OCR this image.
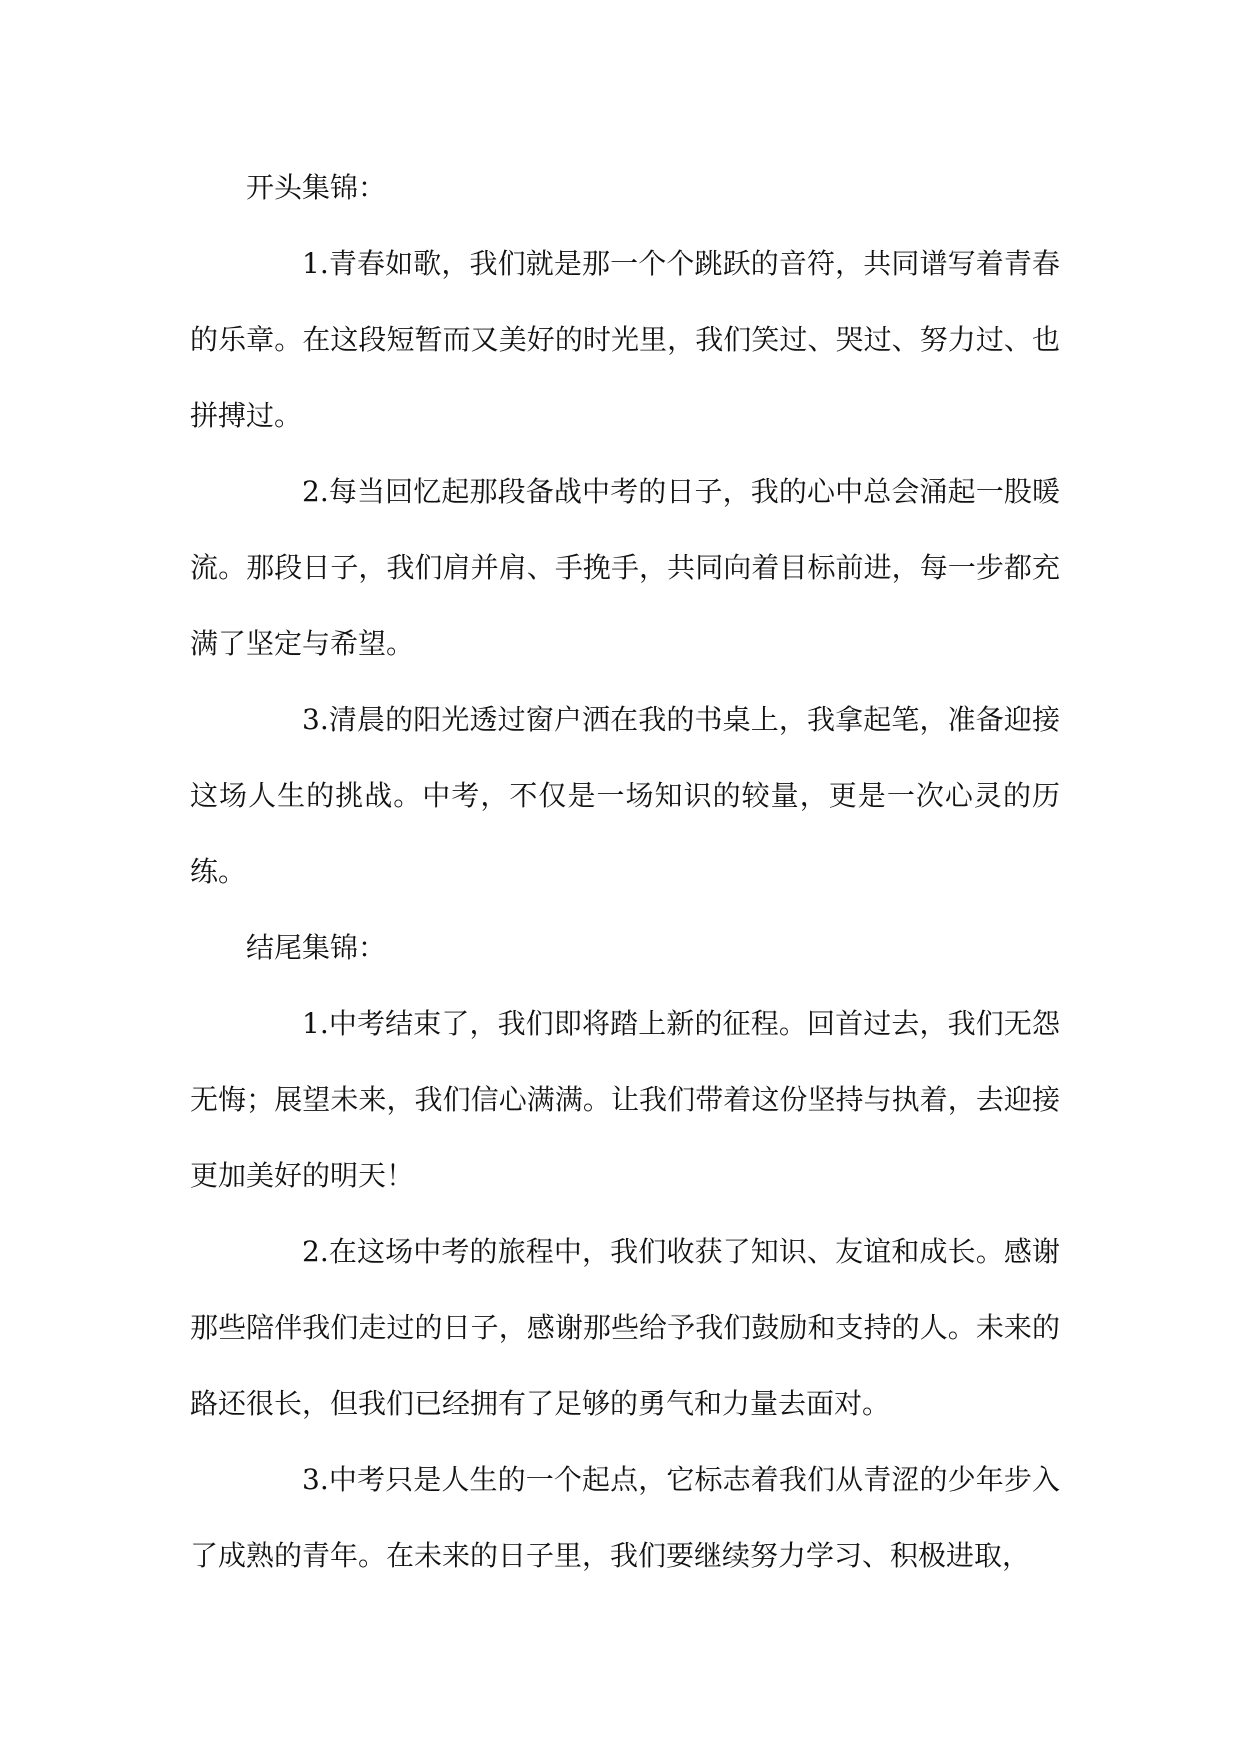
开头集锦：

1.青春如歌，我们就是那一个个跳跃的音符，共同谱写着青春的乐章。在这段短暂而又美好的时光里，我们笑过、哭过、努力过、也拼搏过。

2.每当回忆起那段备战中考的日子，我的心中总会涌起一股暖流。那段日子，我们肩并肩、手挽手，共同向着目标前进，每一步都充满了坚定与希望。

3.清晨的阳光透过窗户洒在我的书桌上，我拿起笔，准备迎接这场人生的挑战。中考，不仅是一场知识的较量，更是一次心灵的历练。

结尾集锦：

1.中考结束了，我们即将踏上新的征程。回首过去，我们无怨无悔；展望未来，我们信心满满。让我们带着这份坚持与执着，去迎接更加美好的明天！

2.在这场中考的旅程中，我们收获了知识、友谊和成长。感谢那些陪伴我们走过的日子，感谢那些给予我们鼓励和支持的人。未来的路还很长，但我们已经拥有了足够的勇气和力量去面对。

3.中考只是人生的一个起点，它标志着我们从青涩的少年步入了成熟的青年。在未来的日子里，我们要继续努力学习、积极进取，
